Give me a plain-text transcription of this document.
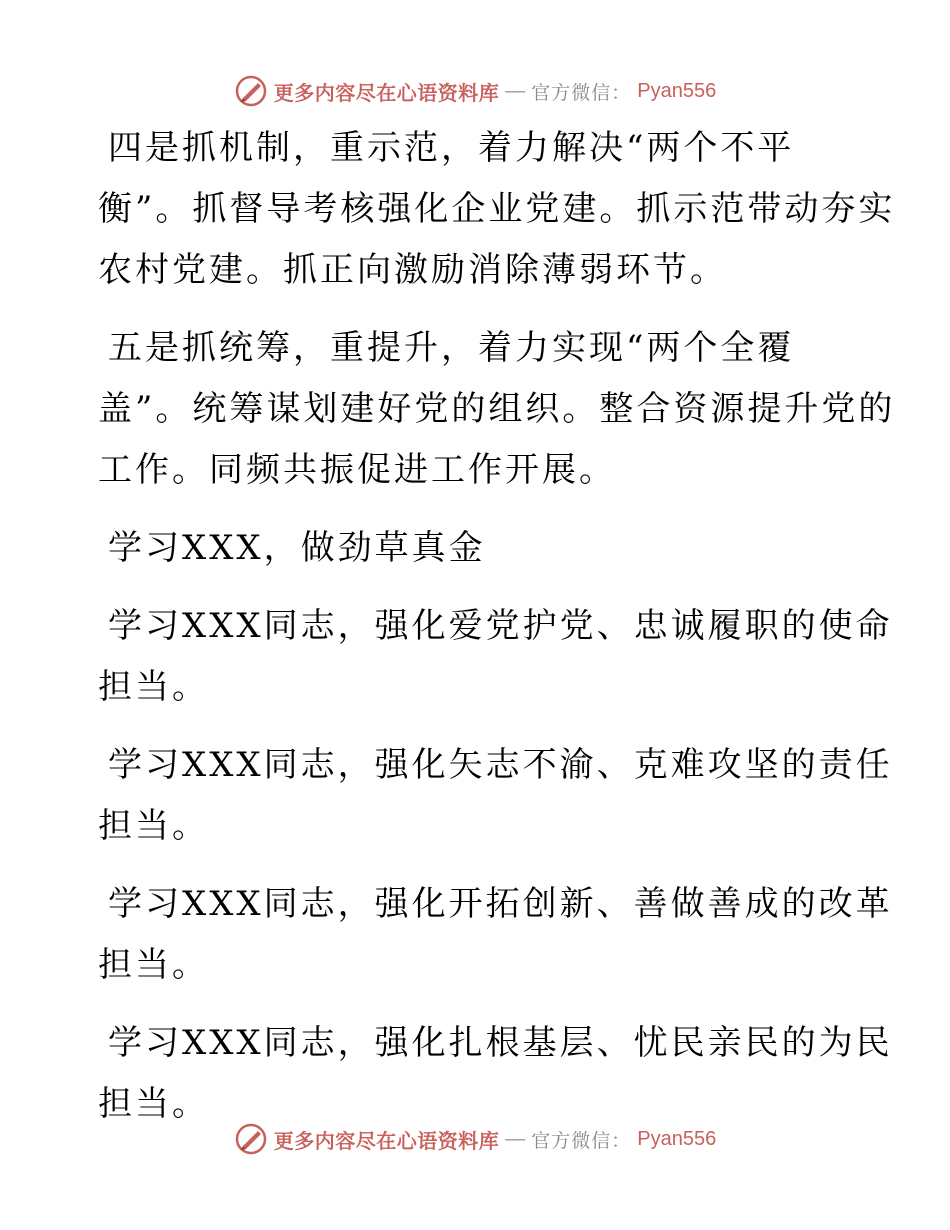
更多内容尽在心语资料库 — 官方微信： Pyan556

四是抓机制，重示范，着力解决“两个不平
衡”。抓督导考核强化企业党建。抓示范带动夯实
农村党建。抓正向激励消除薄弱环节。

五是抓统筹，重提升，着力实现“两个全覆
盖”。统筹谋划建好党的组织。整合资源提升党的
工作。同频共振促进工作开展。

学习XXX，做劲草真金

学习XXX同志，强化爱党护党、忠诚履职的使命
担当。

学习XXX同志，强化矢志不渝、克难攻坚的责任
担当。

学习XXX同志，强化开拓创新、善做善成的改革
担当。

学习XXX同志，强化扎根基层、忧民亲民的为民
担当。

更多内容尽在心语资料库 — 官方微信： Pyan556
